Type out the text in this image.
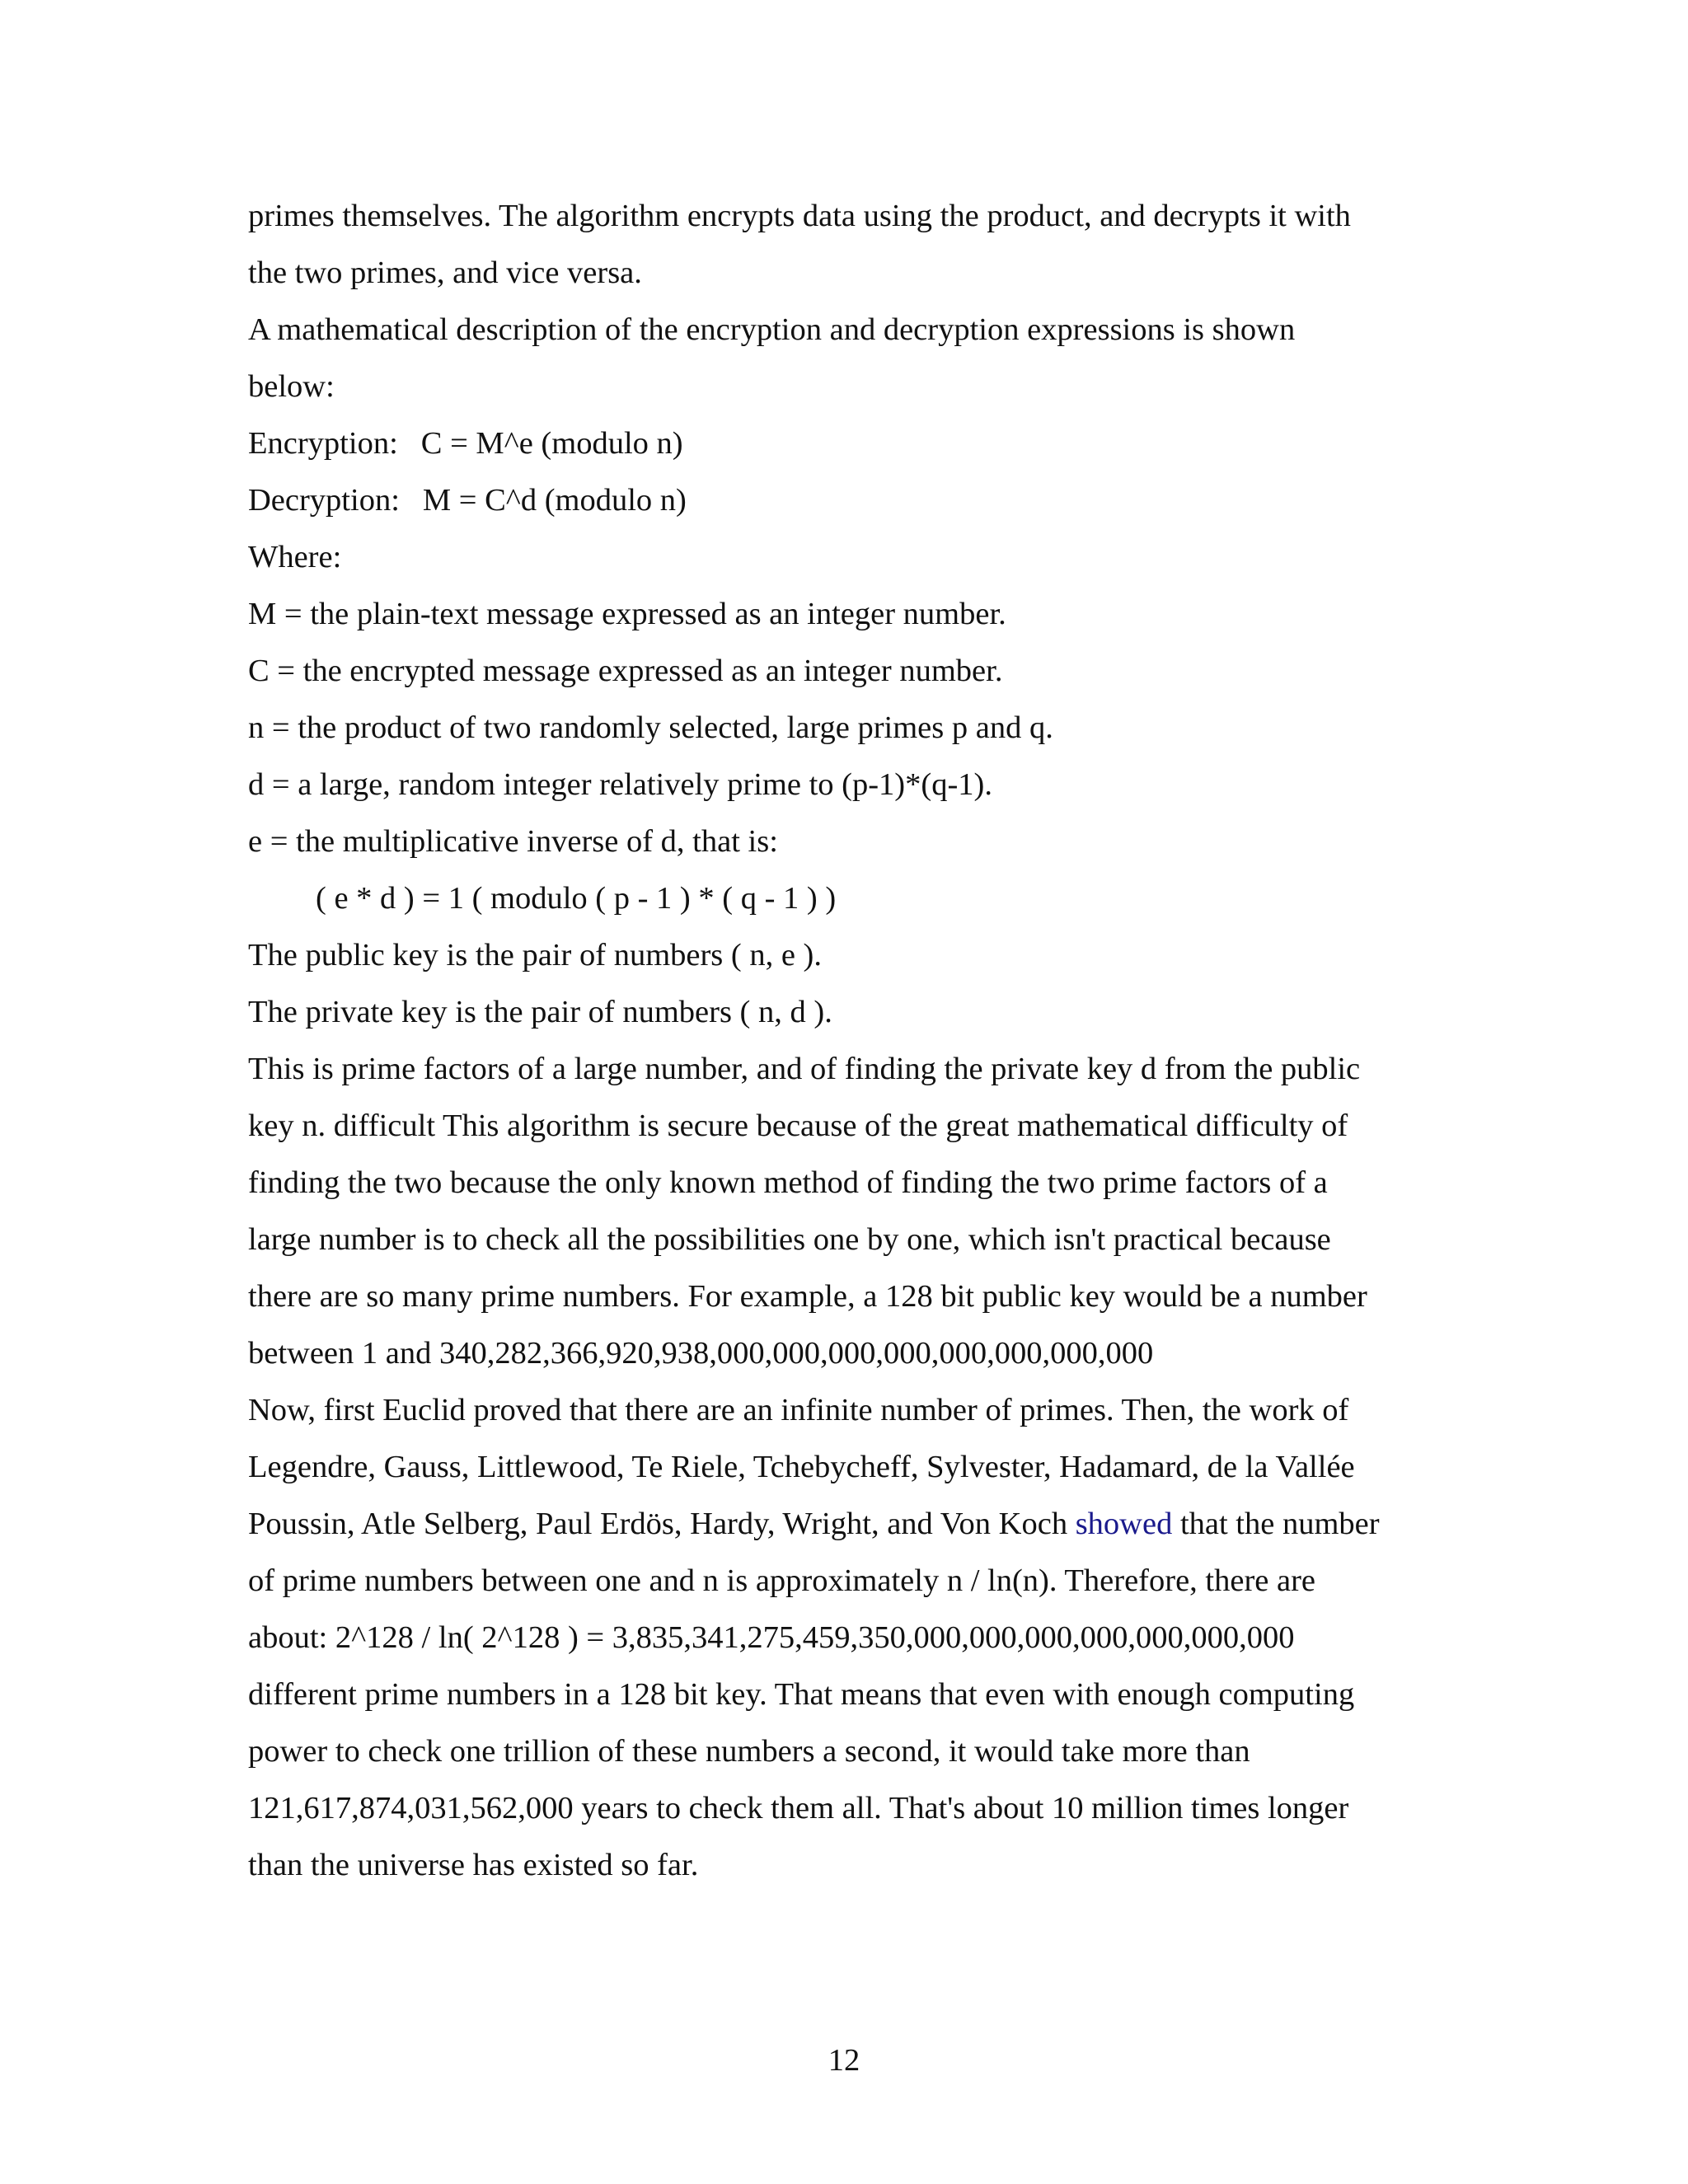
primes themselves. The algorithm encrypts data using the product, and decrypts it with
the two primes, and vice versa.
A mathematical description of the encryption and decryption expressions is shown
below:
Encryption: C = M^e (modulo n)
Decryption: M = C^d (modulo n)
Where:
M = the plain-text message expressed as an integer number.
C = the encrypted message expressed as an integer number.
n = the product of two randomly selected, large primes p and q.
d = a large, random integer relatively prime to (p-1)*(q-1).
e = the multiplicative inverse of d, that is:
( e * d ) = 1 ( modulo ( p - 1 ) * ( q - 1 ) )
The public key is the pair of numbers ( n, e ).
The private key is the pair of numbers ( n, d ).
This is prime factors of a large number, and of finding the private key d from the public
key n. difficult This algorithm is secure because of the great mathematical difficulty of
finding the two because the only known method of finding the two prime factors of a
large number is to check all the possibilities one by one, which isn't practical because
there are so many prime numbers. For example, a 128 bit public key would be a number
between 1 and 340,282,366,920,938,000,000,000,000,000,000,000,000
Now, first Euclid proved that there are an infinite number of primes. Then, the work of
Legendre, Gauss, Littlewood, Te Riele, Tchebycheff, Sylvester, Hadamard, de la Vallée
Poussin, Atle Selberg, Paul Erdös, Hardy, Wright, and Von Koch showed that the number
of prime numbers between one and n is approximately n / ln(n). Therefore, there are
about: 2^128 / ln( 2^128 ) = 3,835,341,275,459,350,000,000,000,000,000,000,000
different prime numbers in a 128 bit key. That means that even with enough computing
power to check one trillion of these numbers a second, it would take more than
121,617,874,031,562,000 years to check them all. That's about 10 million times longer
than the universe has existed so far.
12
